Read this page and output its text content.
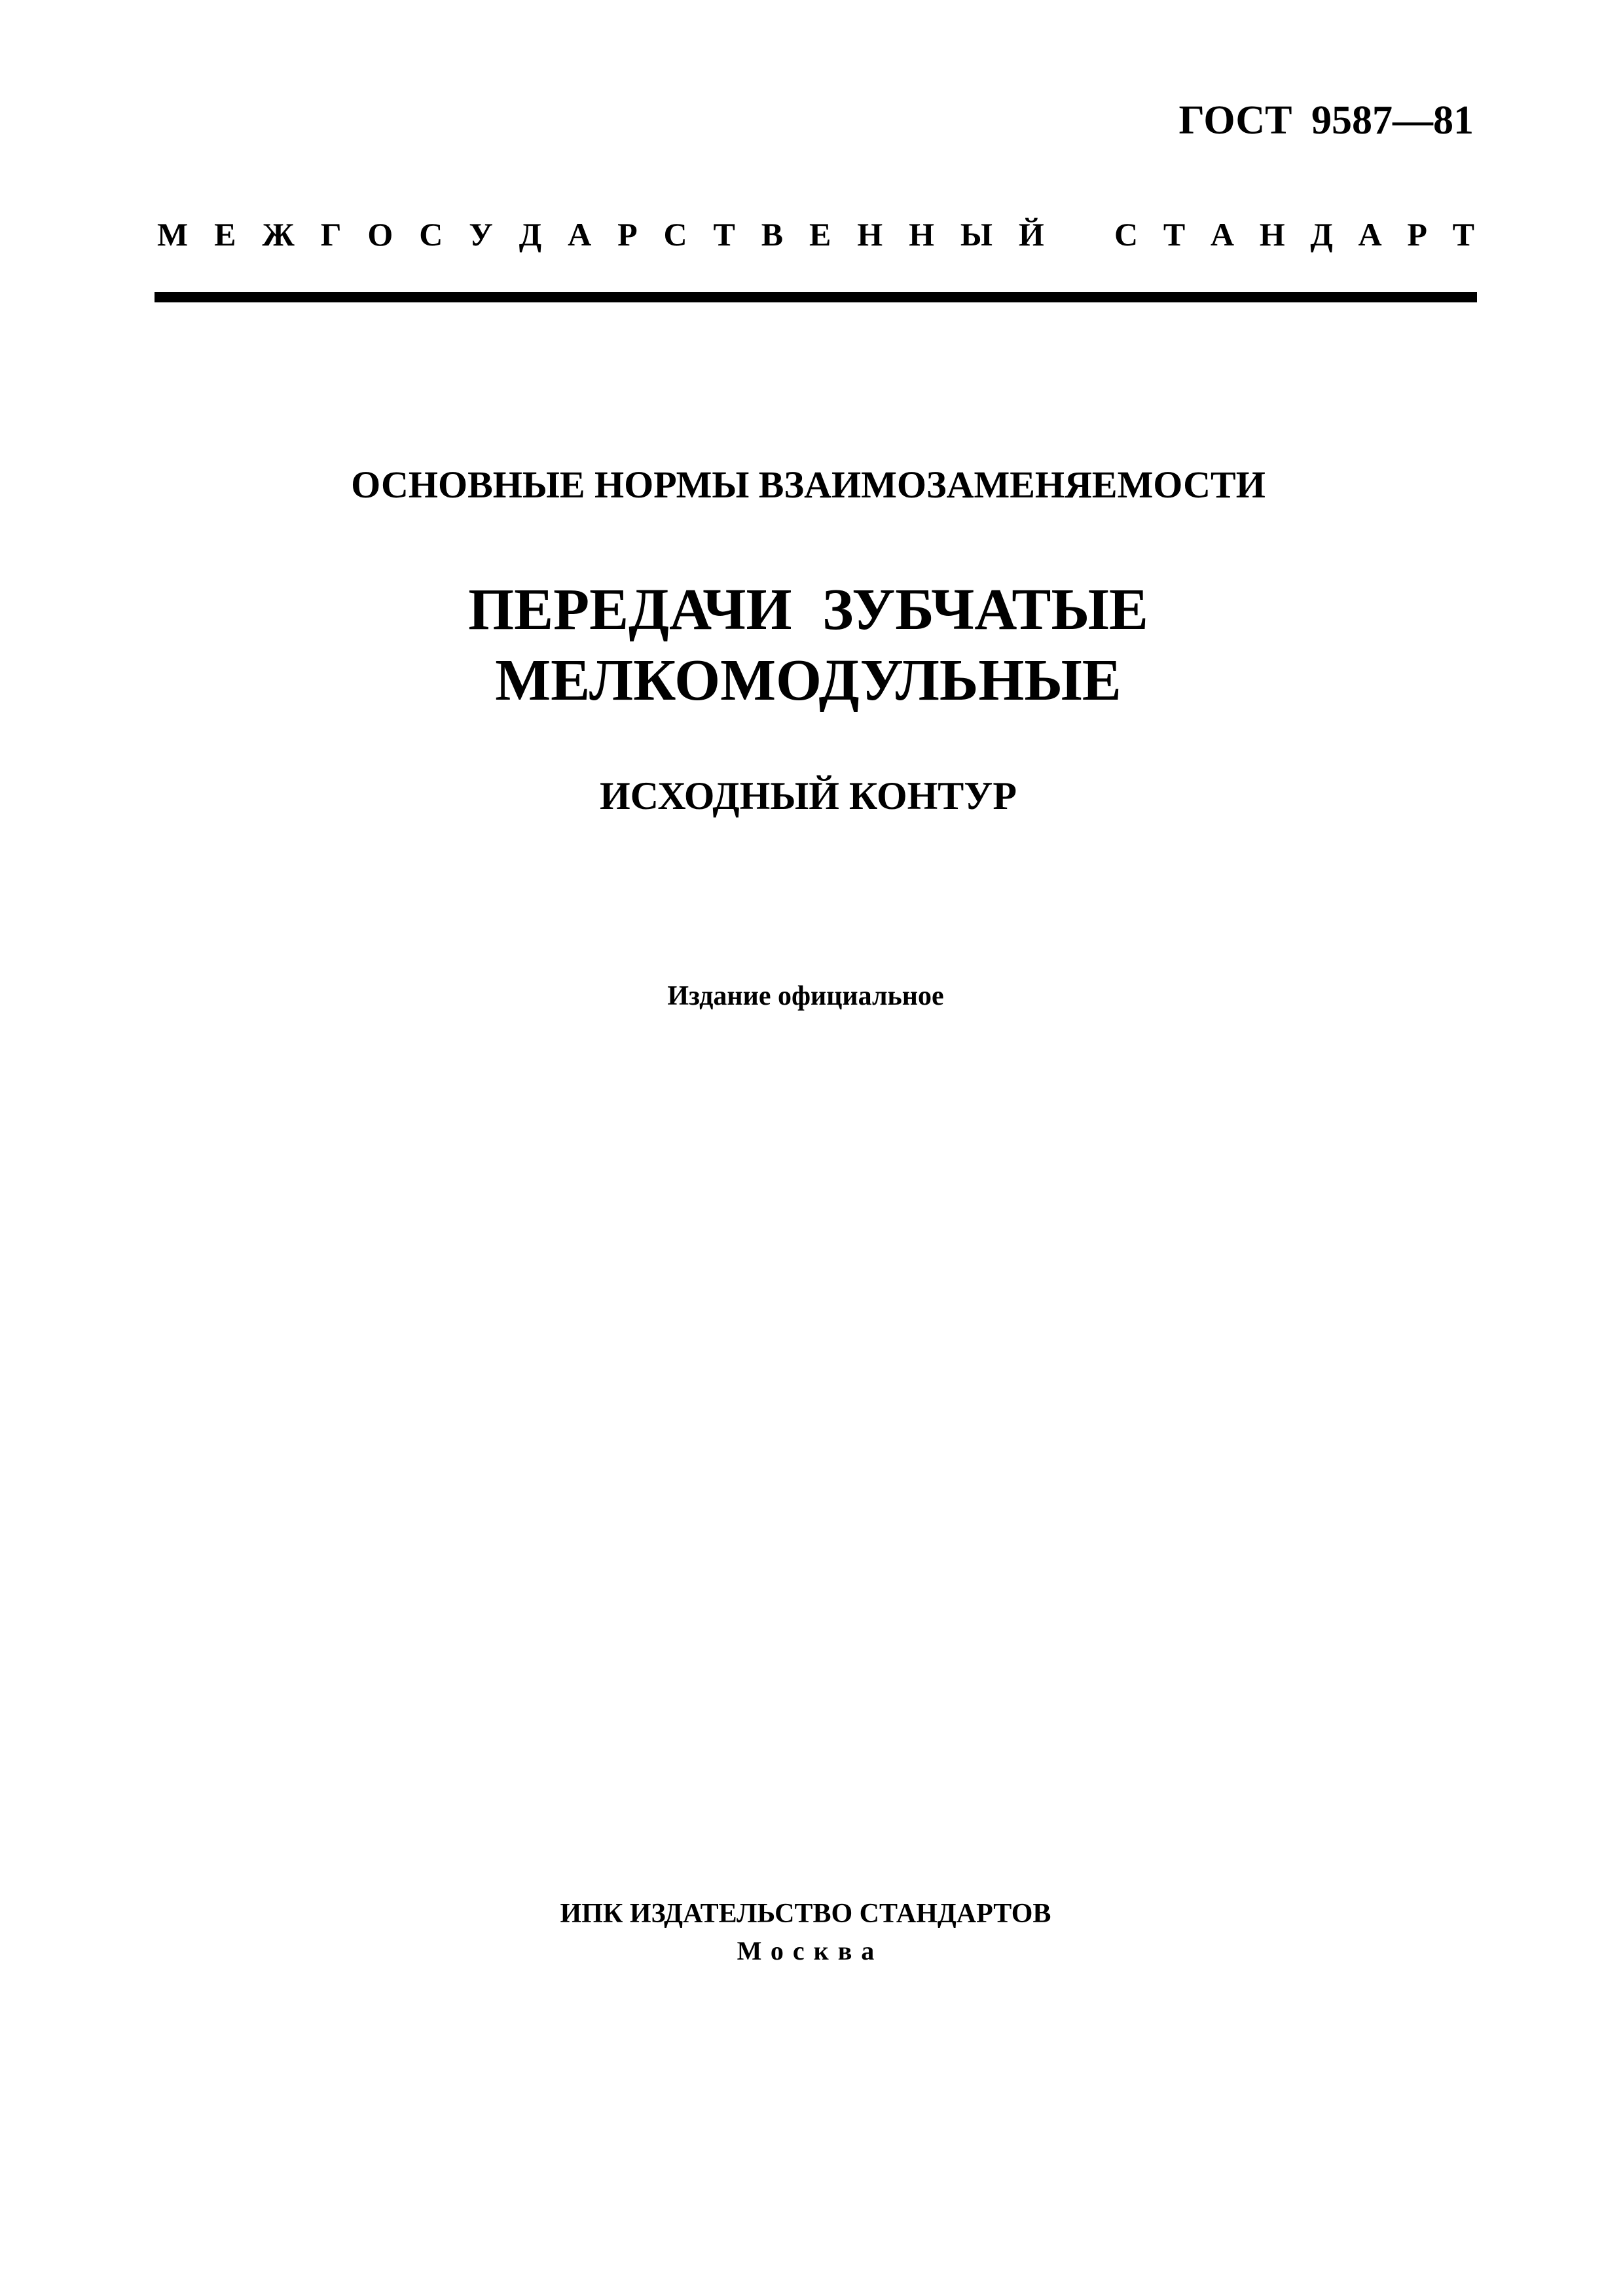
ГОСТ 9587—81
М Е Ж Г О С У Д А Р С Т В Е Н Н Ы Й С Т А Н Д А Р Т
ОСНОВНЫЕ НОРМЫ ВЗАИМОЗАМЕНЯЕМОСТИ
ПЕРЕДАЧИ ЗУБЧАТЫЕ
МЕЛКОМОДУЛЬНЫЕ
ИСХОДНЫЙ КОНТУР
Издание официальное
ИПК ИЗДАТЕЛЬСТВО СТАНДАРТОВ
Москва
